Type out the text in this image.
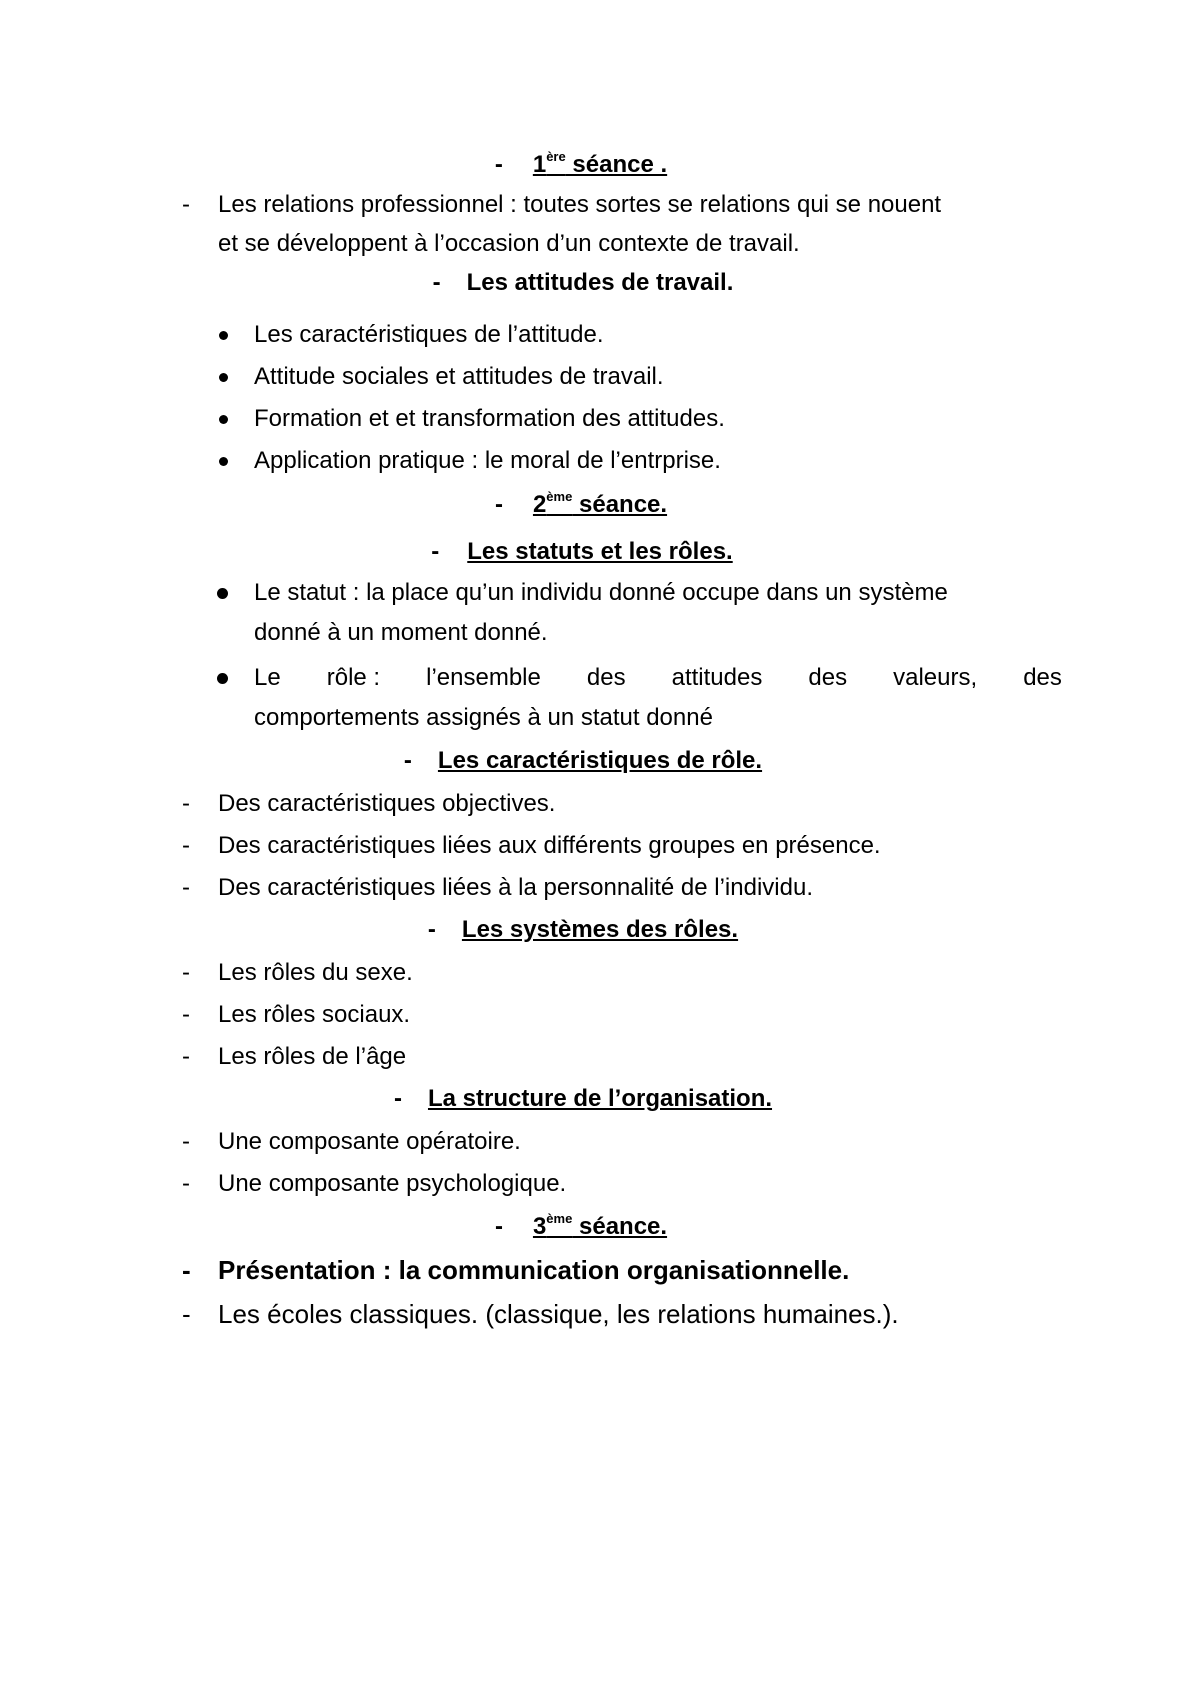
- 1ère séance .
- Les relations professionnel : toutes sortes se relations qui se nouent
et se développent à l’occasion d’un contexte de travail.
- Les attitudes de travail.
Les caractéristiques de l’attitude.
Attitude sociales et attitudes de travail.
Formation et et transformation des attitudes.
Application pratique : le moral de l’entrprise.
- 2ème séance.
- Les statuts et les rôles.
Le statut : la place qu’un individu donné occupe dans un système
donné à un moment donné.
Le rôle : l’ensemble des attitudes des valeurs, des
comportements assignés à un statut donné
- Les caractéristiques de rôle.
- Des caractéristiques objectives.
- Des caractéristiques liées aux différents groupes en présence.
- Des caractéristiques liées à la personnalité de l’individu.
- Les systèmes des rôles.
- Les rôles du sexe.
- Les rôles sociaux.
- Les rôles de l’âge
- La structure de l’organisation.
- Une composante opératoire.
- Une composante psychologique.
- 3ème séance.
- Présentation : la communication organisationnelle.
- Les écoles classiques. (classique, les relations humaines.).
